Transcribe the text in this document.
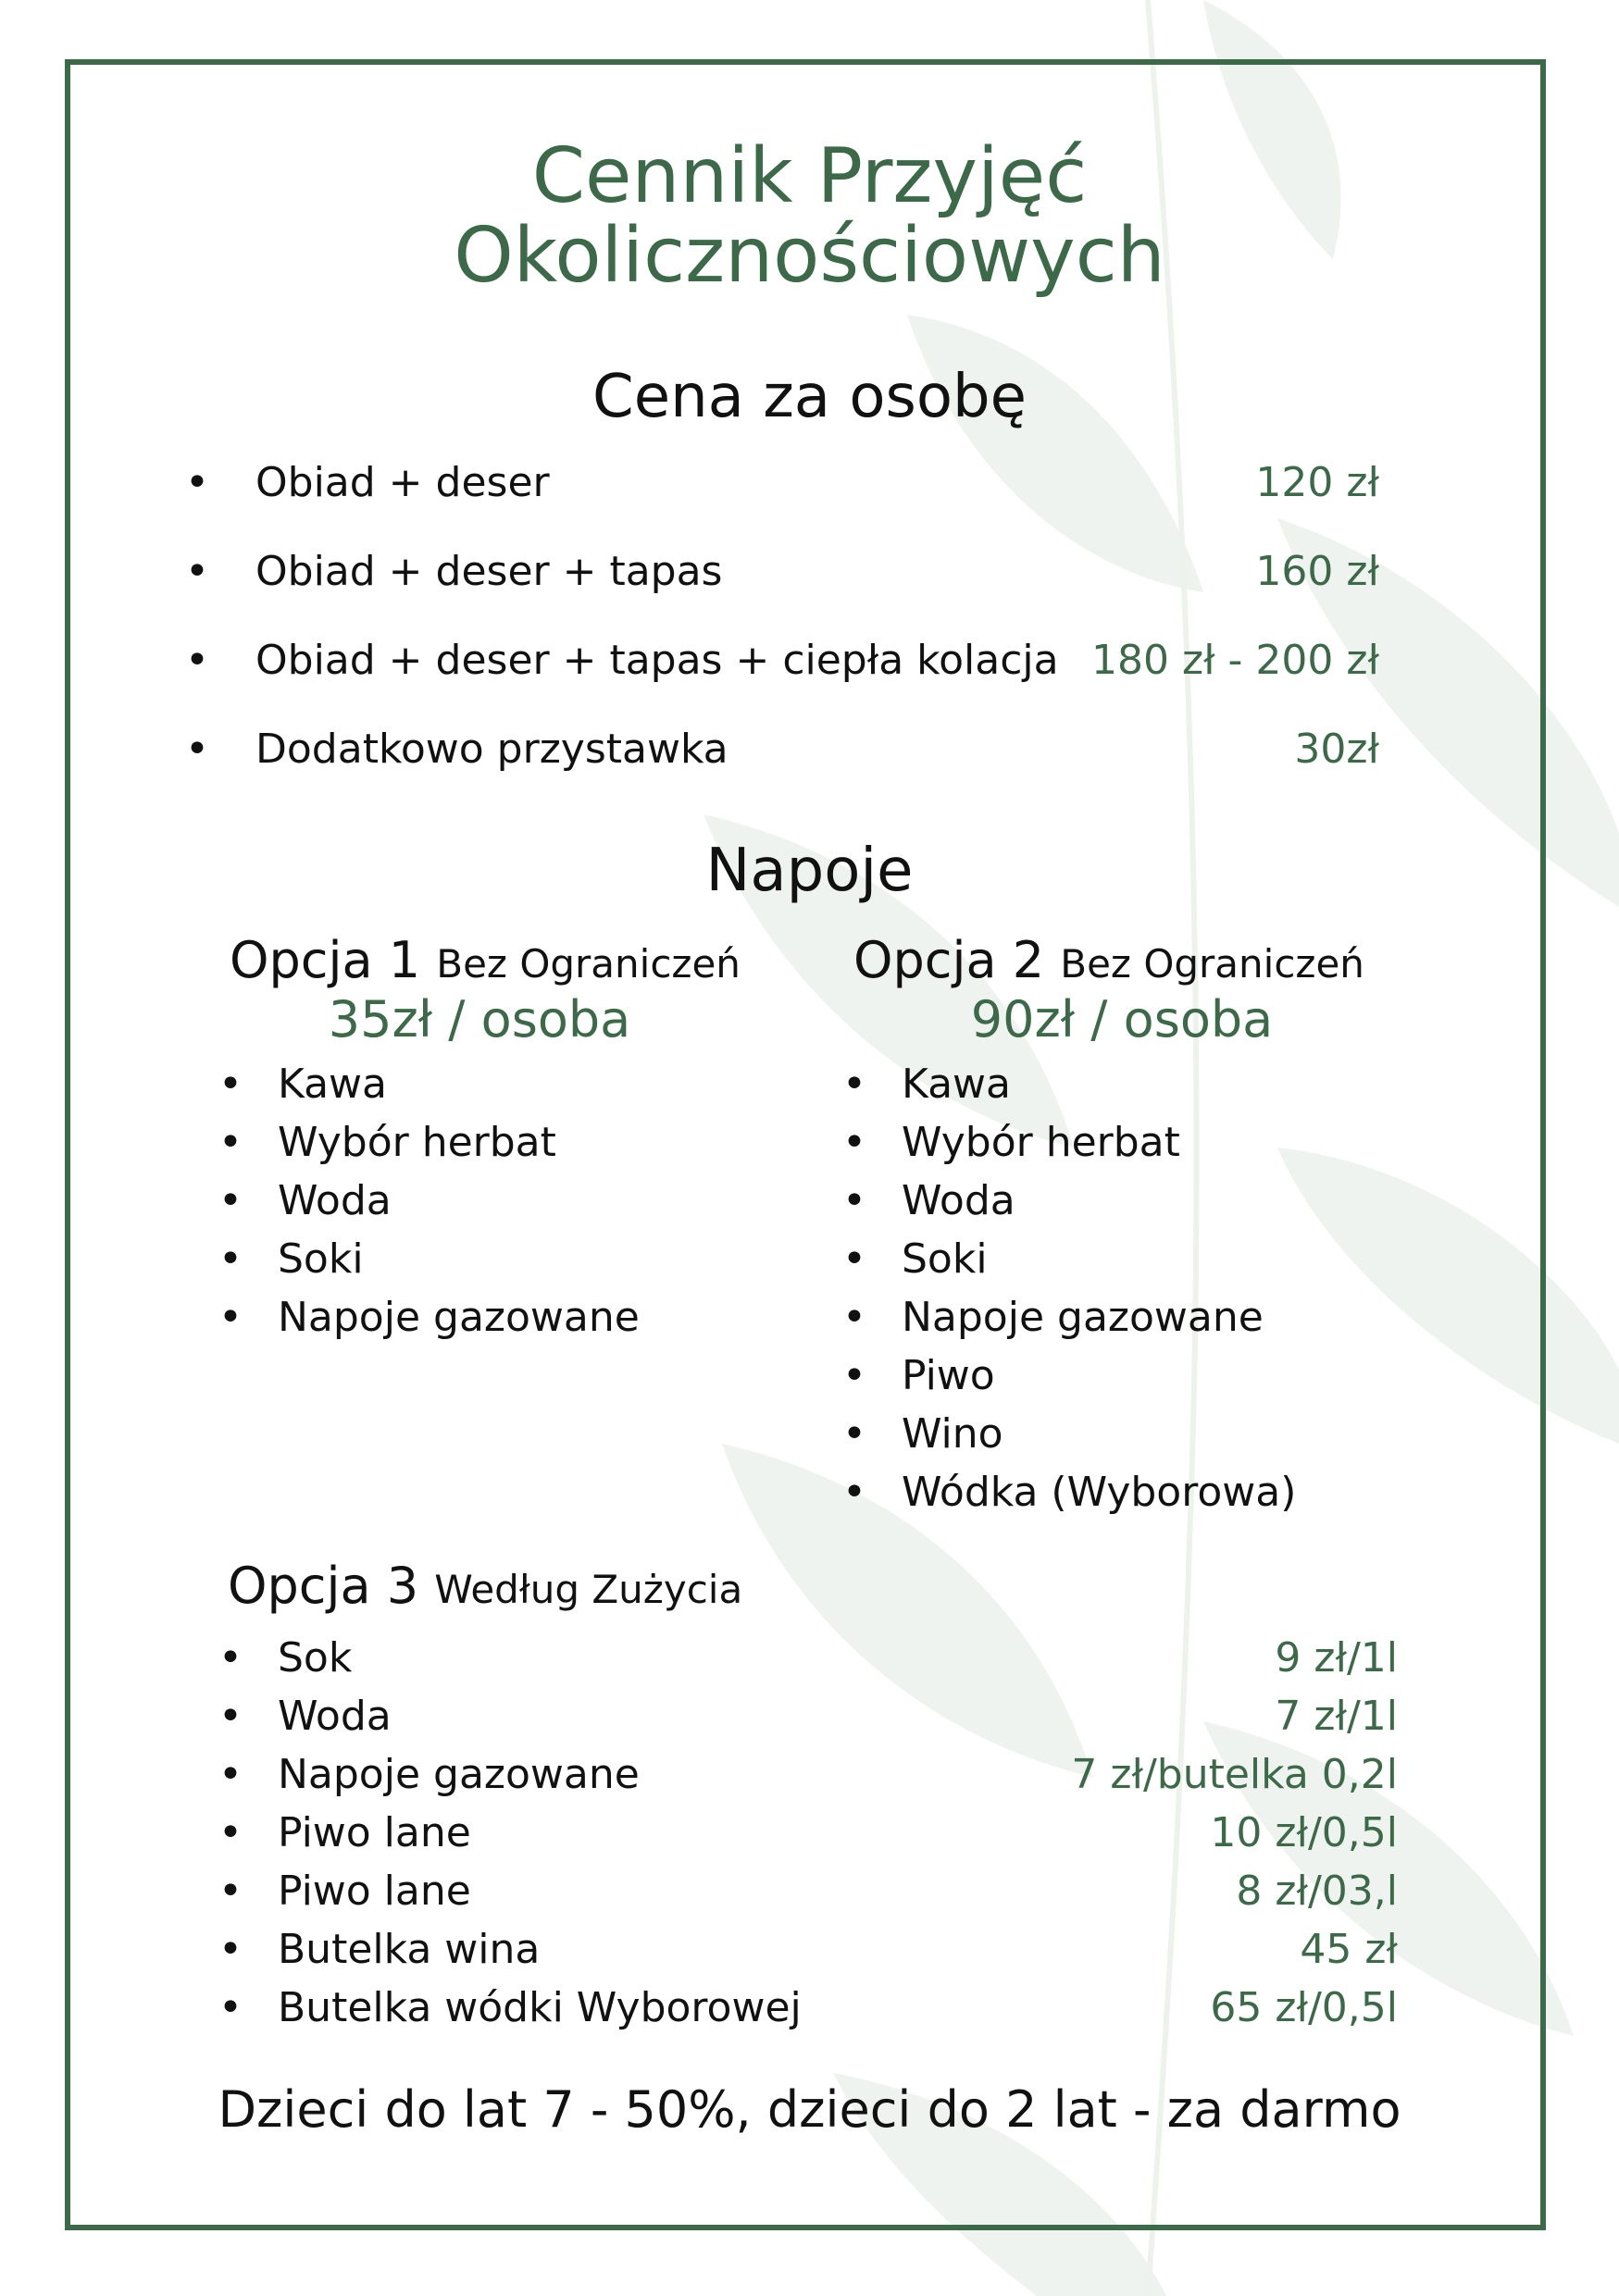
Cennik Przyjęć
Okolicznościowych
Cena za osobę
• Obiad + deser	120 zł
• Obiad + deser + tapas	160 zł
• Obiad + deser + tapas + ciepła kolacja 180 zł - 200 zł
• Dodatkowo przystawka	30zł
Napoje
Opcja 1 Bez Ograniczeń
35zł / osoba
• Kawa
• Wybór herbat
• Woda
• Soki
• Napoje gazowane
Opcja 2 Bez Ograniczeń
90zł / osoba
• Kawa
• Wybór herbat
• Woda
• Soki
• Napoje gazowane
• Piwo
• Wino
• Wódka (Wyborowa)
Opcja 3 Według Zużycia
• Sok	9 zł/1l
• Woda	7 zł/1l
• Napoje gazowane	7 zł/butelka 0,2l
• Piwo lane	10 zł/0,5l
• Piwo lane	8 zł/03,l
• Butelka wina	45 zł
• Butelka wódki Wyborowej	65 zł/0,5l
Dzieci do lat 7 - 50%, dzieci do 2 lat - za darmo
